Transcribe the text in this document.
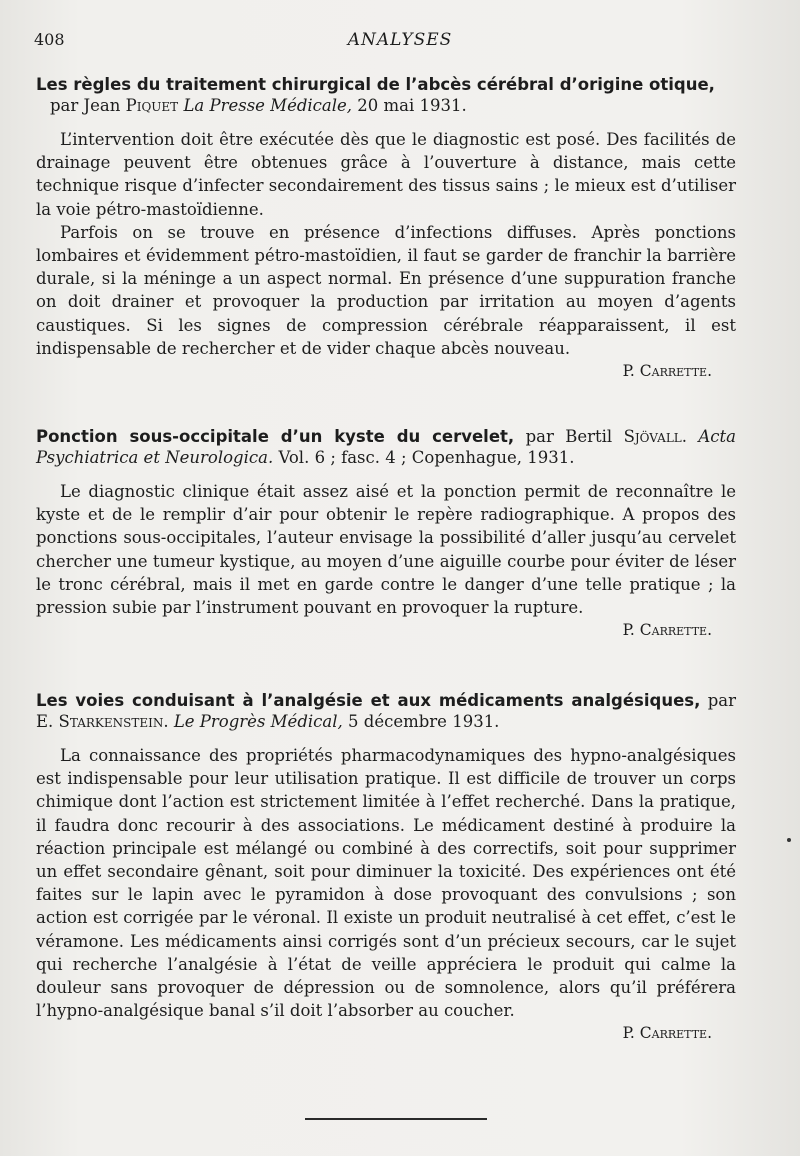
408	ANALYSES

Les règles du traitement chirurgical de l’abcès cérébral d’origine otique,
par Jean Piquet La Presse Médicale, 20 mai 1931.

L’intervention doit être exécutée dès que le diagnostic est posé. Des facilités de drainage peuvent être obtenues grâce à l’ouverture à distance, mais cette technique risque d’infecter secondairement des tissus sains ; le mieux est d’utiliser la voie pétro-mastoïdienne.

Parfois on se trouve en présence d’infections diffuses. Après ponctions lombaires et évidemment pétro-mastoïdien, il faut se garder de franchir la barrière durale, si la méninge a un aspect normal. En présence d’une suppuration franche on doit drainer et provoquer la production par irritation au moyen d’agents caustiques. Si les signes de compression cérébrale réapparaissent, il est indispensable de rechercher et de vider chaque abcès nouveau.

P. Carrette.

Ponction sous-occipitale d’un kyste du cervelet, par Bertil Sjövall. Acta Psychiatrica et Neurologica. Vol. 6 ; fasc. 4 ; Copenhague, 1931.

Le diagnostic clinique était assez aisé et la ponction permit de reconnaître le kyste et de le remplir d’air pour obtenir le repère radiographique. A propos des ponctions sous-occipitales, l’auteur envisage la possibilité d’aller jusqu’au cervelet chercher une tumeur kystique, au moyen d’une aiguille courbe pour éviter de léser le tronc cérébral, mais il met en garde contre le danger d’une telle pratique ; la pression subie par l’instrument pouvant en provoquer la rupture.

P. Carrette.

Les voies conduisant à l’analgésie et aux médicaments analgésiques, par E. Starkenstein. Le Progrès Médical, 5 décembre 1931.

La connaissance des propriétés pharmacodynamiques des hypno-analgésiques est indispensable pour leur utilisation pratique. Il est difficile de trouver un corps chimique dont l’action est strictement limitée à l’effet recherché. Dans la pratique, il faudra donc recourir à des associations. Le médicament destiné à produire la réaction principale est mélangé ou combiné à des correctifs, soit pour supprimer un effet secondaire gênant, soit pour diminuer la toxicité. Des expériences ont été faites sur le lapin avec le pyramidon à dose provoquant des convulsions ; son action est corrigée par le véronal. Il existe un produit neutralisé à cet effet, c’est le véramone. Les médicaments ainsi corrigés sont d’un précieux secours, car le sujet qui recherche l’analgésie à l’état de veille appréciera le produit qui calme la douleur sans provoquer de dépression ou de somnolence, alors qu’il préférera l’hypno-analgésique banal s’il doit l’absorber au coucher.

P. Carrette.
